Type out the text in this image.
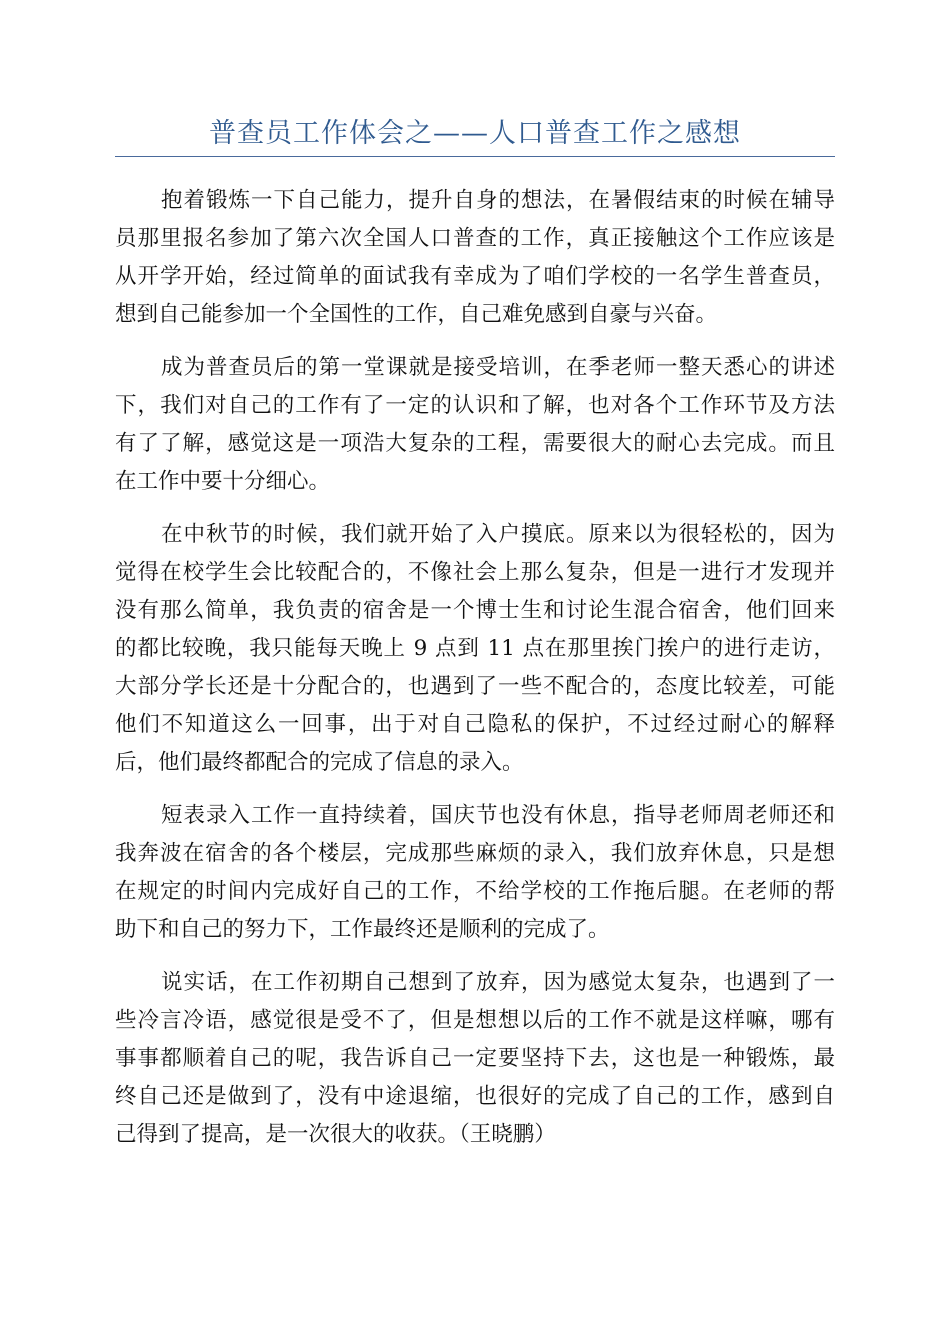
普查员工作体会之——人口普查工作之感想

抱着锻炼一下自己能力，提升自身的想法，在暑假结束的时候在辅导
员那里报名参加了第六次全国人口普查的工作，真正接触这个工作应该是
从开学开始，经过简单的面试我有幸成为了咱们学校的一名学生普查员，
想到自己能参加一个全国性的工作，自己难免感到自豪与兴奋。

成为普查员后的第一堂课就是接受培训，在季老师一整天悉心的讲述
下，我们对自己的工作有了一定的认识和了解，也对各个工作环节及方法
有了了解，感觉这是一项浩大复杂的工程，需要很大的耐心去完成。而且
在工作中要十分细心。

在中秋节的时候，我们就开始了入户摸底。原来以为很轻松的，因为
觉得在校学生会比较配合的，不像社会上那么复杂，但是一进行才发现并
没有那么简单，我负责的宿舍是一个博士生和讨论生混合宿舍，他们回来
的都比较晚，我只能每天晚上 9 点到 11 点在那里挨门挨户的进行走访，
大部分学长还是十分配合的，也遇到了一些不配合的，态度比较差，可能
他们不知道这么一回事，出于对自己隐私的保护，不过经过耐心的解释
后，他们最终都配合的完成了信息的录入。

短表录入工作一直持续着，国庆节也没有休息，指导老师周老师还和
我奔波在宿舍的各个楼层，完成那些麻烦的录入，我们放弃休息，只是想
在规定的时间内完成好自己的工作，不给学校的工作拖后腿。在老师的帮
助下和自己的努力下，工作最终还是顺利的完成了。

说实话，在工作初期自己想到了放弃，因为感觉太复杂，也遇到了一
些冷言冷语，感觉很是受不了，但是想想以后的工作不就是这样嘛，哪有
事事都顺着自己的呢，我告诉自己一定要坚持下去，这也是一种锻炼，最
终自己还是做到了，没有中途退缩，也很好的完成了自己的工作，感到自
己得到了提高，是一次很大的收获。（王晓鹏）
